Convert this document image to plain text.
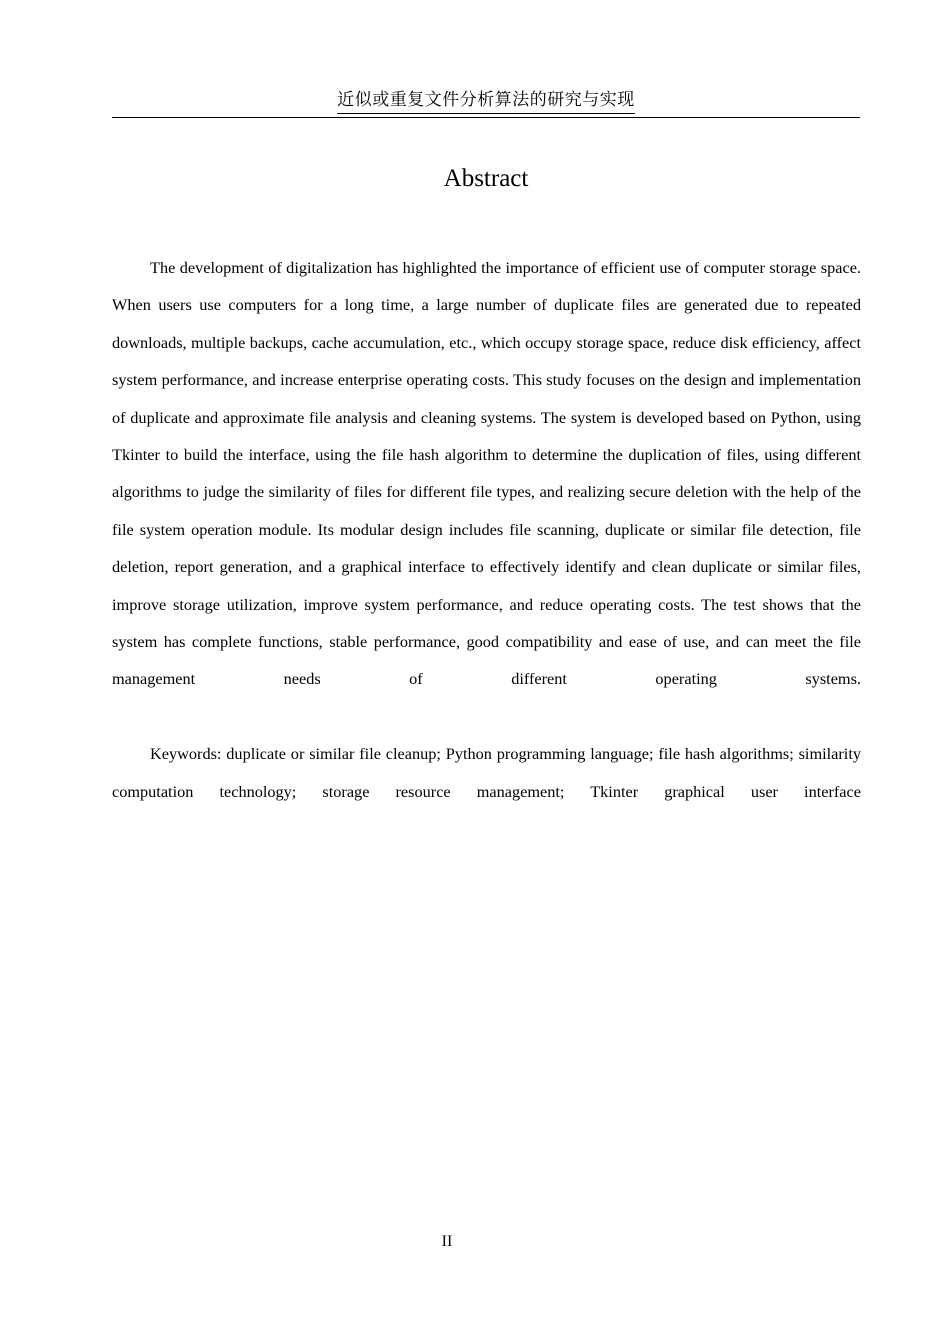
近似或重复文件分析算法的研究与实现
Abstract

The development of digitalization has highlighted the importance of efficient use of computer storage space. When users use computers for a long time, a large number of duplicate files are generated due to repeated downloads, multiple backups, cache accumulation, etc., which occupy storage space, reduce disk efficiency, affect system performance, and increase enterprise operating costs. This study focuses on the design and implementation of duplicate and approximate file analysis and cleaning systems. The system is developed based on Python, using Tkinter to build the interface, using the file hash algorithm to determine the duplication of files, using different algorithms to judge the similarity of files for different file types, and realizing secure deletion with the help of the file system operation module. Its modular design includes file scanning, duplicate or similar file detection, file deletion, report generation, and a graphical interface to effectively identify and clean duplicate or similar files, improve storage utilization, improve system performance, and reduce operating costs. The test shows that the system has complete functions, stable performance, good compatibility and ease of use, and can meet the file management needs of different operating systems.

Keywords: duplicate or similar file cleanup; Python programming language; file hash algorithms; similarity computation technology; storage resource management; Tkinter graphical user interface

II
